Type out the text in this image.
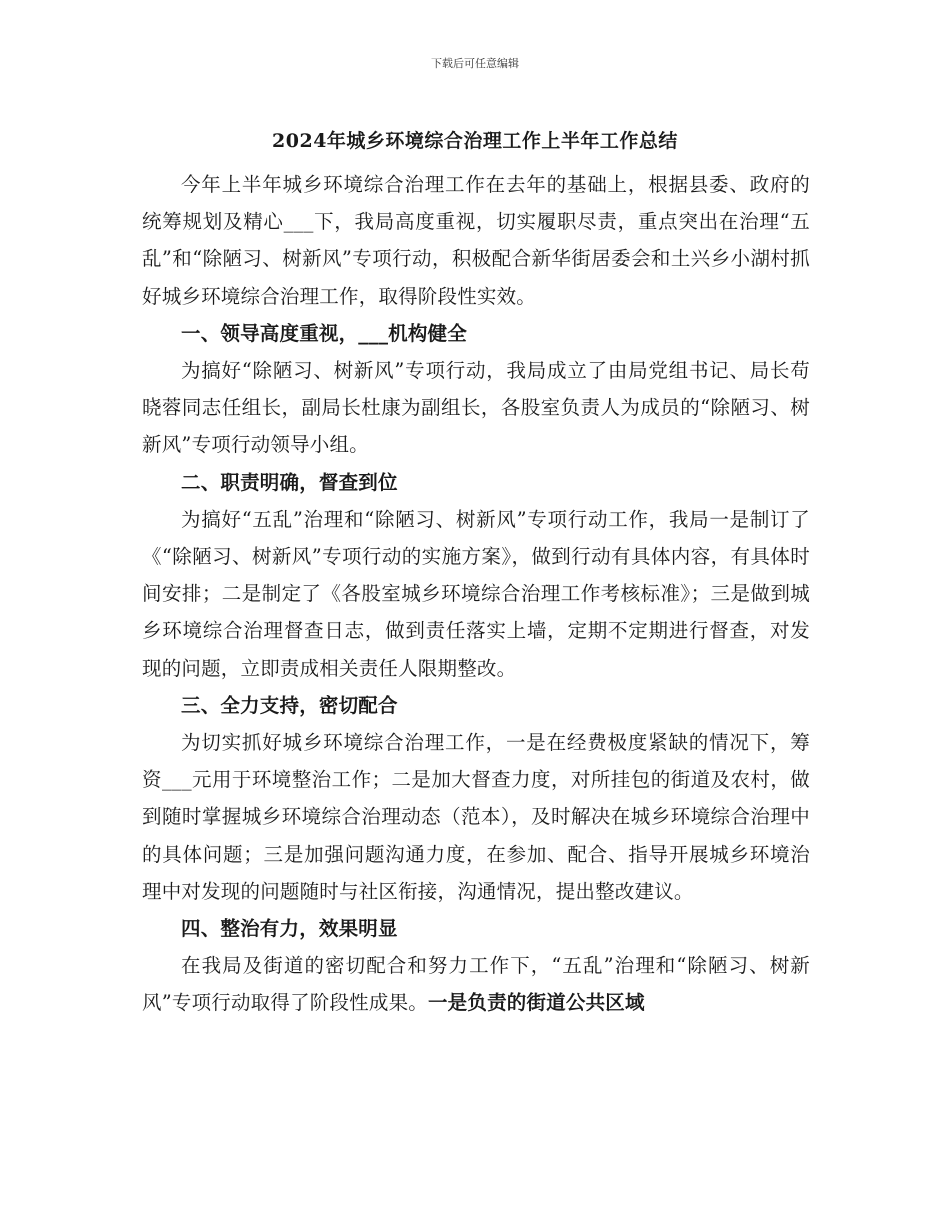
下载后可任意编辑
2024年城乡环境综合治理工作上半年工作总结

今年上半年城乡环境综合治理工作在去年的基础上，根据县委、政府的统筹规划及精心___下，我局高度重视，切实履职尽责，重点突出在治理“五乱”和“除陋习、树新风”专项行动，积极配合新华街居委会和土兴乡小湖村抓好城乡环境综合治理工作，取得阶段性实效。

一、领导高度重视，___机构健全

为搞好“除陋习、树新风”专项行动，我局成立了由局党组书记、局长苟晓蓉同志任组长，副局长杜康为副组长，各股室负责人为成员的“除陋习、树新风”专项行动领导小组。

二、职责明确，督查到位

为搞好“五乱”治理和“除陋习、树新风”专项行动工作，我局一是制订了《“除陋习、树新风”专项行动的实施方案》，做到行动有具体内容，有具体时间安排；二是制定了《各股室城乡环境综合治理工作考核标准》；三是做到城乡环境综合治理督查日志，做到责任落实上墙，定期不定期进行督查，对发现的问题，立即责成相关责任人限期整改。

三、全力支持，密切配合

为切实抓好城乡环境综合治理工作，一是在经费极度紧缺的情况下，筹资___元用于环境整治工作；二是加大督查力度，对所挂包的街道及农村，做到随时掌握城乡环境综合治理动态（范本），及时解决在城乡环境综合治理中的具体问题；三是加强问题沟通力度，在参加、配合、指导开展城乡环境治理中对发现的问题随时与社区衔接，沟通情况，提出整改建议。

四、整治有力，效果明显

在我局及街道的密切配合和努力工作下，“五乱”治理和“除陋习、树新风”专项行动取得了阶段性成果。一是负责的街道公共区域
